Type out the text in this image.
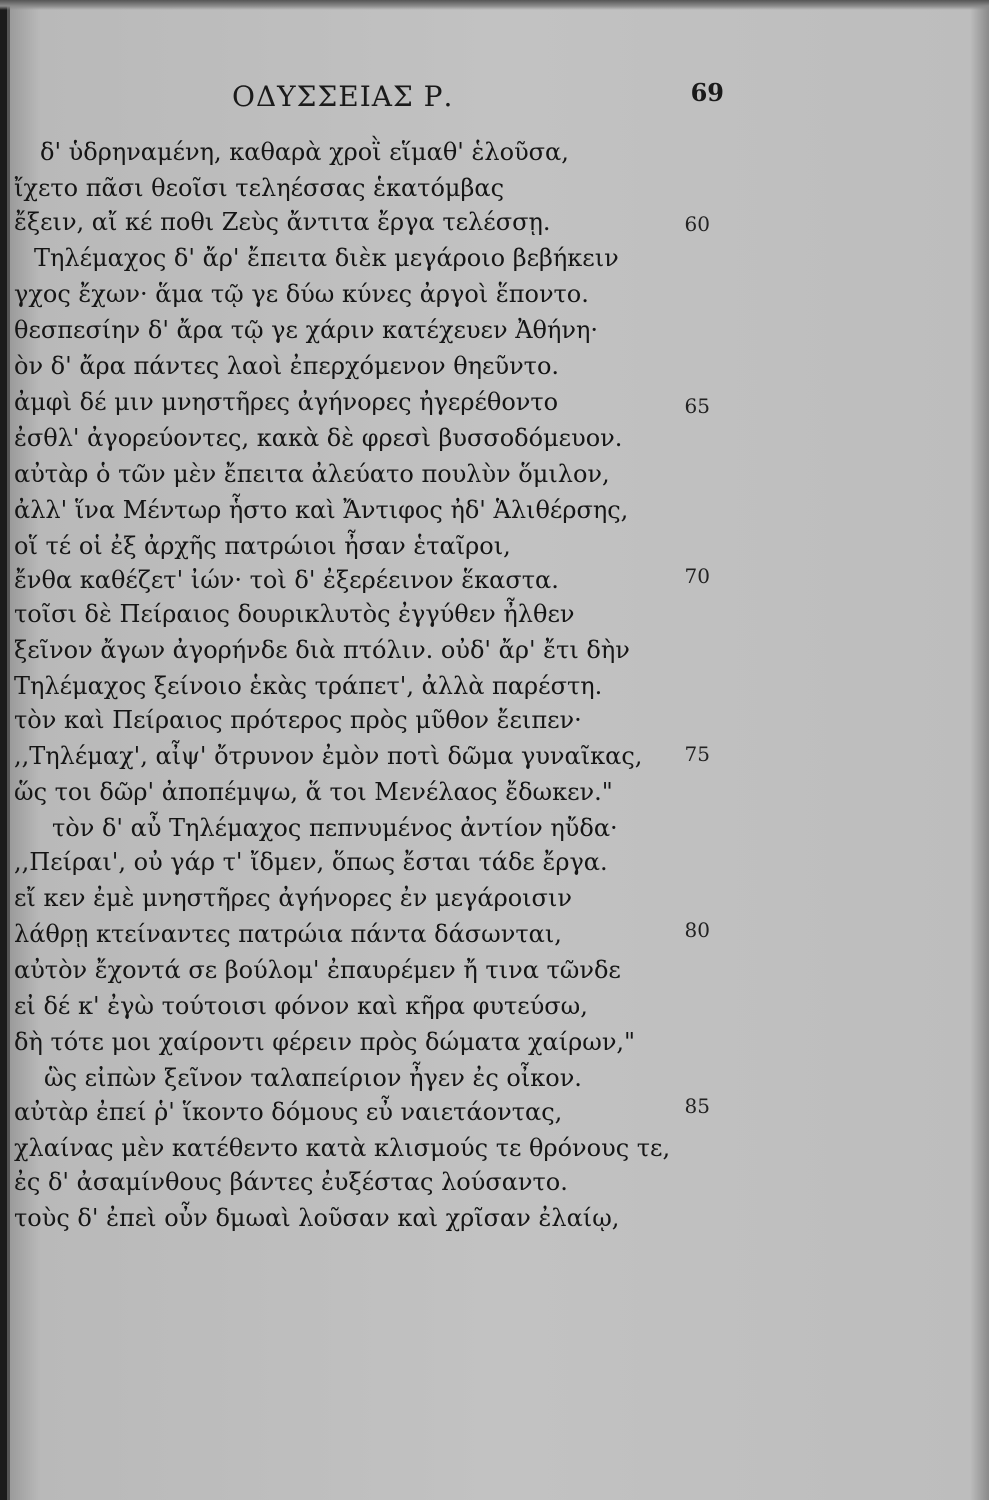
ΟΔΥΣΣΕΙΑΣ Ρ.	69
δ' ὑδρηναμένη, καθαρὰ χροῒ εἵμαθ' ἑλοῦσα,
ἴχετο πᾶσι θεοῖσι τεληέσσας ἑκατόμβας
ἔξειν, αἴ κέ ποθι Ζεὺς ἄντιτα ἔργα τελέσσῃ.
Τηλέμαχος δ' ἄρ' ἔπειτα διὲκ μεγάροιο βεβήκειν
γχος ἔχων· ἅμα τῷ γε δύω κύνες ἀργοὶ ἕποντο.
θεσπεσίην δ' ἄρα τῷ γε χάριν κατέχευεν Ἀθήνη·
ὸν δ' ἄρα πάντες λαοὶ ἐπερχόμενον θηεῦντο.
ἀμφὶ δέ μιν μνηστῆρες ἀγήνορες ἠγερέθοντο
ἐσθλ' ἀγορεύοντες, κακὰ δὲ φρεσὶ βυσσοδόμευον.
αὐτὰρ ὁ τῶν μὲν ἔπειτα ἀλεύατο πουλὺν ὅμιλον,
ἀλλ' ἵνα Μέντωρ ἧστο καὶ Ἄντιφος ἠδ' Ἁλιθέρσης,
οἵ τέ οἱ ἐξ ἀρχῆς πατρώιοι ἦσαν ἑταῖροι,
ἔνθα καθέζετ' ἰών· τοὶ δ' ἐξερέεινον ἕκαστα.
τοῖσι δὲ Πείραιος δουρικλυτὸς ἐγγύθεν ἦλθεν
ξεῖνον ἄγων ἀγορήνδε διὰ πτόλιν. οὐδ' ἄρ' ἔτι δὴν
Τηλέμαχος ξείνοιο ἑκὰς τράπετ', ἀλλὰ παρέστη.
τὸν καὶ Πείραιος πρότερος πρὸς μῦθον ἔειπεν·
,,Τηλέμαχ', αἶψ' ὄτρυνον ἐμὸν ποτὶ δῶμα γυναῖκας,
ὥς τοι δῶρ' ἀποπέμψω, ἅ τοι Μενέλαος ἔδωκεν."
τὸν δ' αὖ Τηλέμαχος πεπνυμένος ἀντίον ηὔδα·
,,Πείραι', οὐ γάρ τ' ἴδμεν, ὅπως ἔσται τάδε ἔργα.
εἴ κεν ἐμὲ μνηστῆρες ἀγήνορες ἐν μεγάροισιν
λάθρῃ κτείναντες πατρώια πάντα δάσωνται,
αὐτὸν ἔχοντά σε βούλομ' ἐπαυρέμεν ἤ τινα τῶνδε
εἰ δέ κ' ἐγὼ τούτοισι φόνον καὶ κῆρα φυτεύσω,
δὴ τότε μοι χαίροντι φέρειν πρὸς δώματα χαίρων,"
ὣς εἰπὼν ξεῖνον ταλαπείριον ἦγεν ἐς οἶκον.
αὐτὰρ ἐπεί ῥ' ἵκοντο δόμους εὖ ναιετάοντας,
χλαίνας μὲν κατέθεντο κατὰ κλισμούς τε θρόνους τε,
ἐς δ' ἀσαμίνθους βάντες ἐυξέστας λούσαντο.
τοὺς δ' ἐπεὶ οὖν δμωαὶ λοῦσαν καὶ χρῖσαν ἐλαίῳ,
60
65
70
75
80
85
